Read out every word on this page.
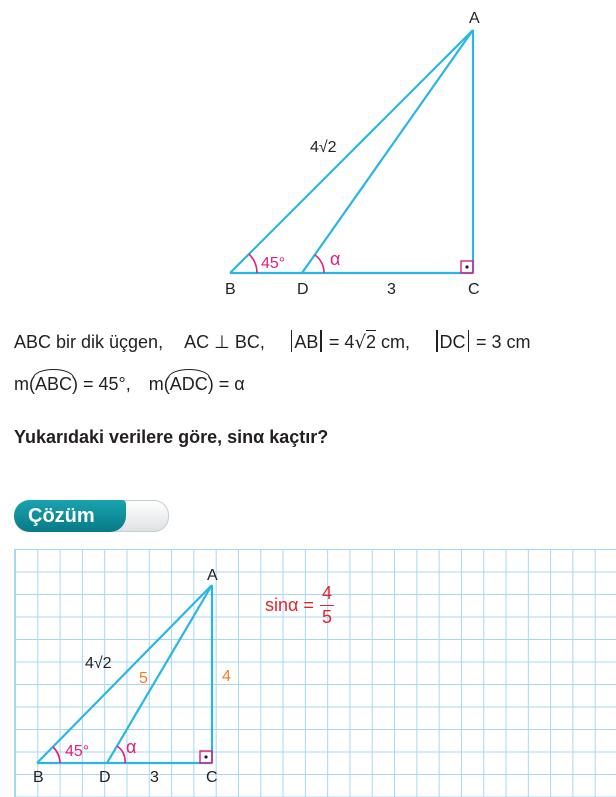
A
B	D	C
3
4√2
45° α
ABC bir dik üçgen, AC ⊥ BC, AB = 4√2 cm, DC = 3 cm
m(ABC) = 45°, m(ADC) = α
Yukarıdaki verilere göre, sinα kaçtır?
Çözüm
A
B	D	C
3
4√2
5	4
45° α
$\sin\alpha = \frac{4}{5}$
